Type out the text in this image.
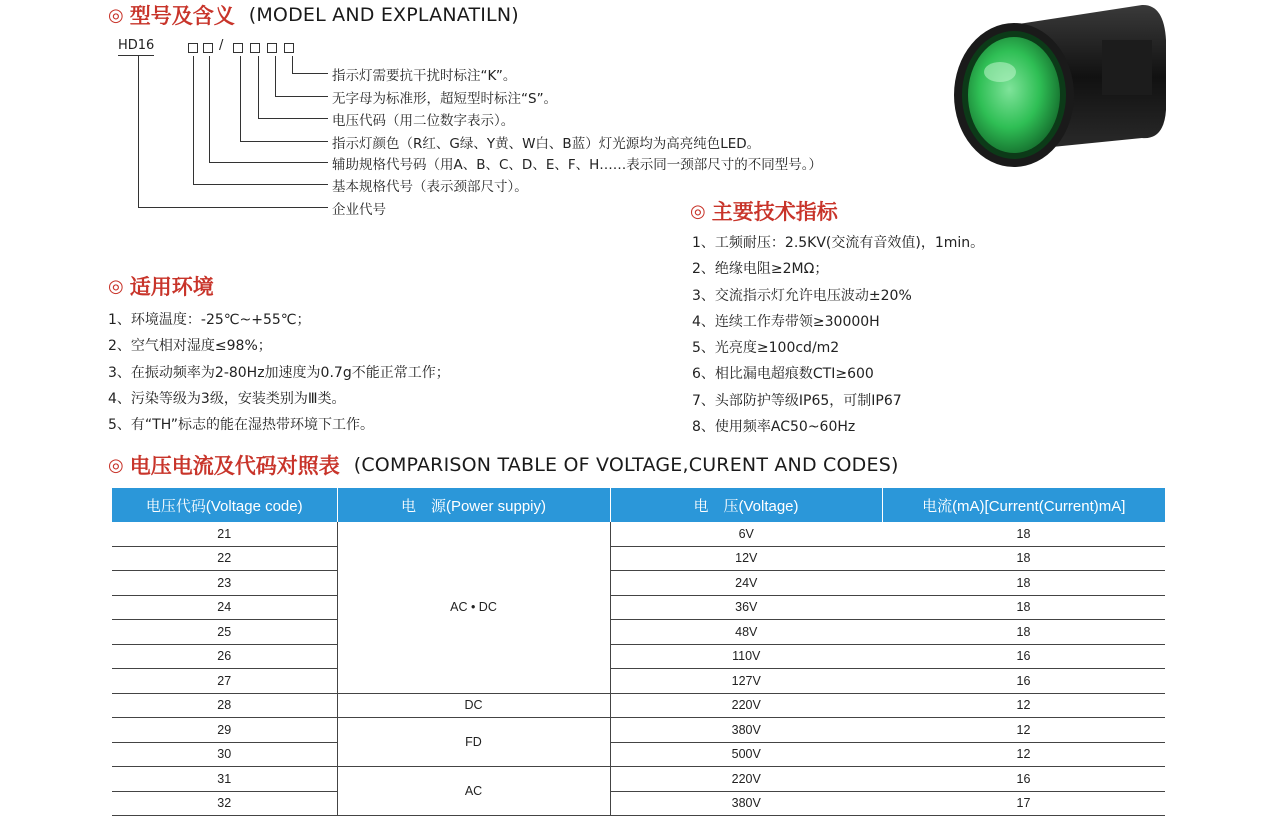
◎ 型号及含义 (MODEL AND EXPLANATILN)
HD16	/
指示灯需要抗干扰时标注“K”。
无字母为标准形，超短型时标注“S”。
电压代码（用二位数字表示）。
指示灯颜色（R红、G绿、Y黄、W白、B蓝）灯光源均为高亮纯色LED。
辅助规格代号码（用A、B、C、D、E、F、H……表示同一颈部尺寸的不同型号。）
基本规格代号（表示颈部尺寸）。
企业代号
◎ 适用环境
1、环境温度：-25℃~+55℃；
2、空气相对湿度≤98%；
3、在振动频率为2-80Hz加速度为0.7g不能正常工作；
4、污染等级为3级，安装类别为Ⅲ类。
5、有“TH”标志的能在湿热带环境下工作。
◎ 主要技术指标
1、工频耐压：2.5KV(交流有音效值)，1min。
2、绝缘电阻≥2MΩ；
3、交流指示灯允许电压波动±20%
4、连续工作寿带领≥30000H
5、光亮度≥100cd/m2
6、相比漏电超痕数CTI≥600
7、头部防护等级IP65，可制IP67
8、使用频率AC50~60Hz
◎ 电压电流及代码对照表 (COMPARISON TABLE OF VOLTAGE,CURENT AND CODES)
电压代码(Voltage code)	电　源(Power suppiy)	电　压(Voltage)	电流(mA)[Current(Current)mA]
21	AC • DC	6V	18
22		12V	18
23		24V	18
24		36V	18
25		48V	18
26		110V	16
27		127V	16
28	DC	220V	12
29	FD	380V	12
30		500V	12
31	AC	220V	16
32		380V	17
